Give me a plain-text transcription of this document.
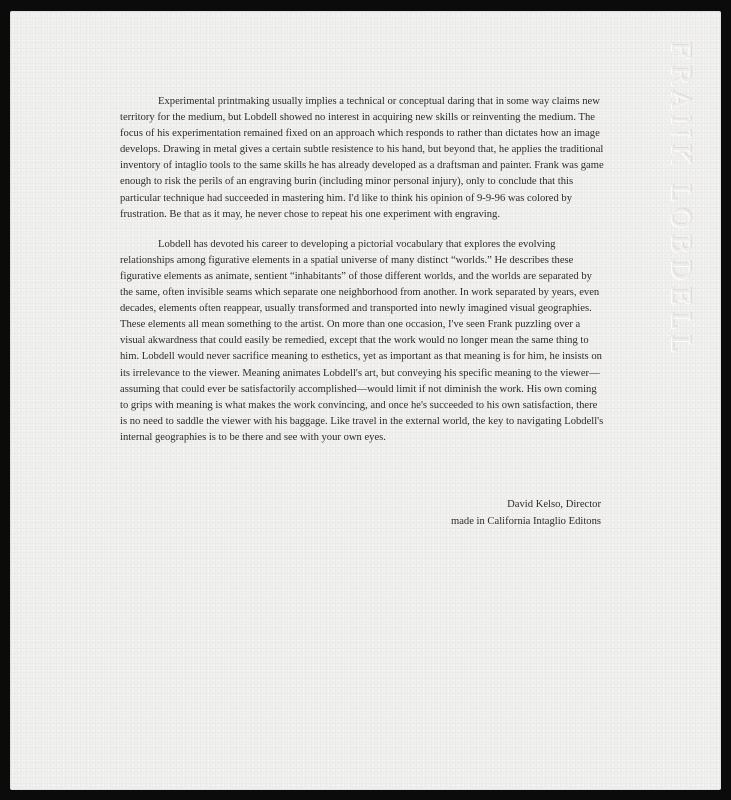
FRANK LOBDELL

Experimental printmaking usually implies a technical or conceptual daring that in some way claims new territory for the medium, but Lobdell showed no interest in acquiring new skills or reinventing the medium. The focus of his experimentation remained fixed on an approach which responds to rather than dictates how an image develops. Drawing in metal gives a certain subtle resistence to his hand, but beyond that, he applies the traditional inventory of intaglio tools to the same skills he has already developed as a draftsman and painter. Frank was game enough to risk the perils of an engraving burin (including minor personal injury), only to conclude that this particular technique had succeeded in mastering him. I'd like to think his opinion of 9-9-96 was colored by frustration. Be that as it may, he never chose to repeat his one experiment with engraving.

Lobdell has devoted his career to developing a pictorial vocabulary that explores the evolving relationships among figurative elements in a spatial universe of many distinct “worlds.” He describes these figurative elements as animate, sentient “inhabitants” of those different worlds, and the worlds are separated by the same, often invisible seams which separate one neighborhood from another. In work separated by years, even decades, elements often reappear, usually transformed and transported into newly imagined visual geographies. These elements all mean something to the artist. On more than one occasion, I've seen Frank puzzling over a visual akwardness that could easily be remedied, except that the work would no longer mean the same thing to him. Lobdell would never sacrifice meaning to esthetics, yet as important as that meaning is for him, he insists on its irrelevance to the viewer. Meaning animates Lobdell's art, but conveying his specific meaning to the viewer—assuming that could ever be satisfactorily accomplished—would limit if not diminish the work. His own coming to grips with meaning is what makes the work convincing, and once he's succeeded to his own satisfaction, there is no need to saddle the viewer with his baggage. Like travel in the external world, the key to navigating Lobdell's internal geographies is to be there and see with your own eyes.

David Kelso, Director
made in California Intaglio Editons
